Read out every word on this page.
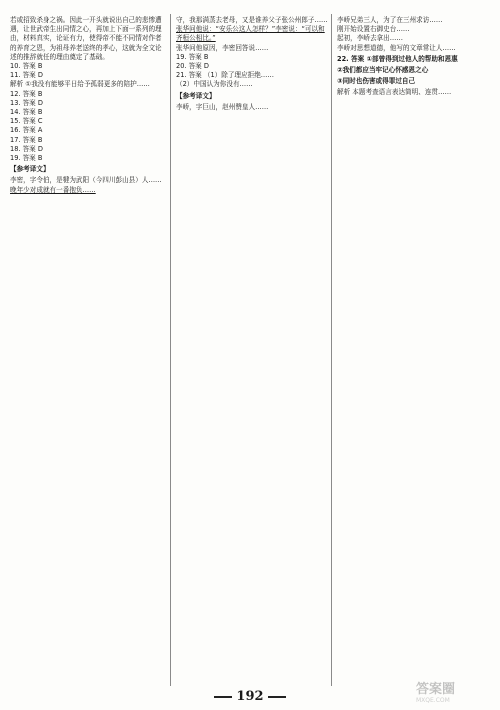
若或招致杀身之祸。因此一开头就说出自己的悲惨遭遇，让世武帝生出同情之心，再加上下面一系列的理由，材料真实，论证有力，使得帝不能不同情对作者的养育之恩，为祖母养老送终的孝心，这就为全文论述的推辞就任的理由奠定了基础。
10. 答案 B
11. 答案 D
解析 ①我没有能够平日给予孤弱更多的陪护……
12. 答案 B
13. 答案 D
14. 答案 B
15. 答案 C
16. 答案 A
17. 答案 B
18. 答案 D
19. 答案 B
【参考译文】
李密，字令伯，是犍为武阳（今四川彭山县）人……
晚年少对成就有一番抱负……
守，我那满蒸去老母，又是谁养父子张公州郎子……
张华问他说：“安乐公这人怎样？”李密说：“可以和齐桓公相比。”
张华问他原因，李密回答说……
19. 答案 B
20. 答案 D
21. 答案 （1）除了理应拒绝……
（2）中国认为你没有……
【参考译文】
李峤，字巨山，赵州赞皇人……
李峤兄弟三人，为了在三州求访……
刚开始设置右御史台……
起初，李峤去拿出……
李峤对思想道德，他写的文章常让人……
22. 答案 ①部曾得到过他人的帮助和恩惠
②我们都应当牢记心怀感恩之心
③同时也伤害或得罪过自己
解析 本题考查语言表达简明、连贯……
192	答案圈
MXQE.COM
